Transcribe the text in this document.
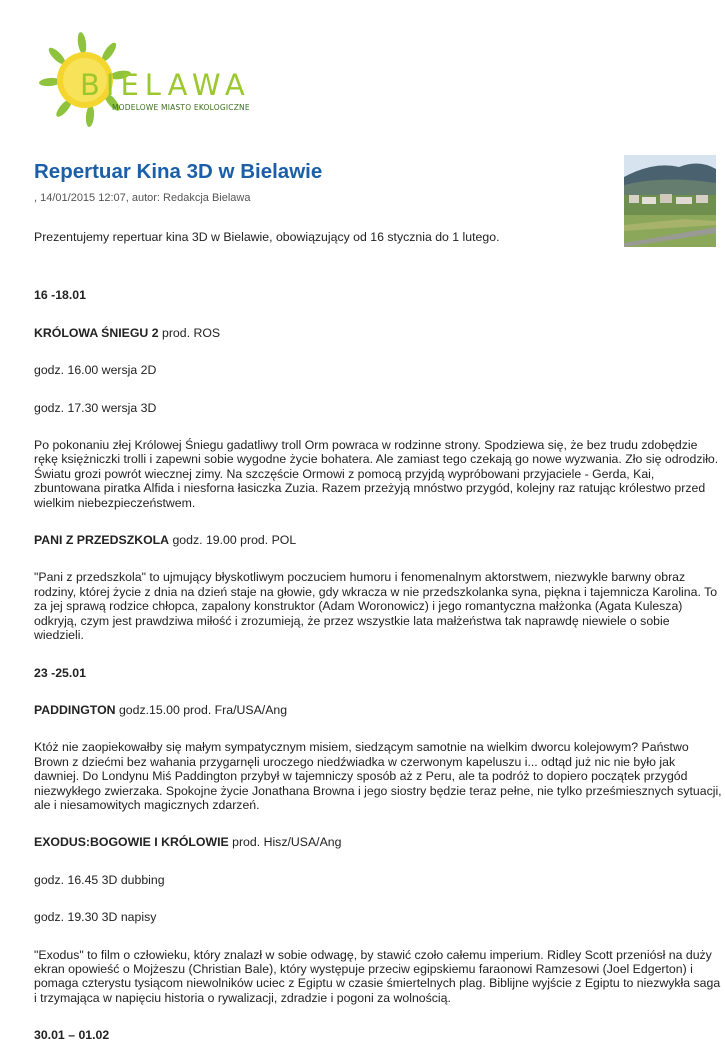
BIELAWA
MODELOWE MIASTO EKOLOGICZNE
Repertuar Kina 3D w Bielawie
, 14/01/2015 12:07, autor: Redakcja Bielawa

Prezentujemy repertuar kina 3D w Bielawie, obowiązujący od 16 stycznia do 1 lutego.

16 -18.01

KRÓLOWA ŚNIEGU 2 prod. ROS

godz. 16.00 wersja 2D

godz. 17.30 wersja 3D

Po pokonaniu złej Królowej Śniegu gadatliwy troll Orm powraca w rodzinne strony. Spodziewa się, że bez trudu zdobędzie rękę księżniczki trolli i zapewni sobie wygodne życie bohatera. Ale zamiast tego czekają go nowe wyzwania. Zło się odrodziło. Światu grozi powrót wiecznej zimy. Na szczęście Ormowi z pomocą przyjdą wypróbowani przyjaciele - Gerda, Kai, zbuntowana piratka Alfida i niesforna łasiczka Zuzia. Razem przeżyją mnóstwo przygód, kolejny raz ratując królestwo przed wielkim niebezpieczeństwem.

PANI Z PRZEDSZKOLA godz. 19.00 prod. POL

"Pani z przedszkola" to ujmujący błyskotliwym poczuciem humoru i fenomenalnym aktorstwem, niezwykle barwny obraz rodziny, której życie z dnia na dzień staje na głowie, gdy wkracza w nie przedszkolanka syna, piękna i tajemnicza Karolina. To za jej sprawą rodzice chłopca, zapalony konstruktor (Adam Woronowicz) i jego romantyczna małżonka (Agata Kulesza) odkryją, czym jest prawdziwa miłość i zrozumieją, że przez wszystkie lata małżeństwa tak naprawdę niewiele o sobie wiedzieli.

23 -25.01

PADDINGTON godz.15.00 prod. Fra/USA/Ang

Któż nie zaopiekowałby się małym sympatycznym misiem, siedzącym samotnie na wielkim dworcu kolejowym? Państwo Brown z dziećmi bez wahania przygarnęli uroczego niedźwiadka w czerwonym kapeluszu i... odtąd już nic nie było jak dawniej. Do Londynu Miś Paddington przybył w tajemniczy sposób aż z Peru, ale ta podróż to dopiero początek przygód niezwykłego zwierzaka. Spokojne życie Jonathana Browna i jego siostry będzie teraz pełne, nie tylko prześmiesznych sytuacji, ale i niesamowitych magicznych zdarzeń.

EXODUS:BOGOWIE I KRÓLOWIE prod. Hisz/USA/Ang

godz. 16.45 3D dubbing

godz. 19.30 3D napisy

"Exodus" to film o człowieku, który znalazł w sobie odwagę, by stawić czoło całemu imperium. Ridley Scott przeniósł na duży ekran opowieść o Mojżeszu (Christian Bale), który występuje przeciw egipskiemu faraonowi Ramzesowi (Joel Edgerton) i pomaga czterystu tysiącom niewolników uciec z Egiptu w czasie śmiertelnych plag. Biblijne wyjście z Egiptu to niezwykła saga i trzymająca w napięciu historia o rywalizacji, zdradzie i pogoni za wolnością.

30.01 – 01.02
